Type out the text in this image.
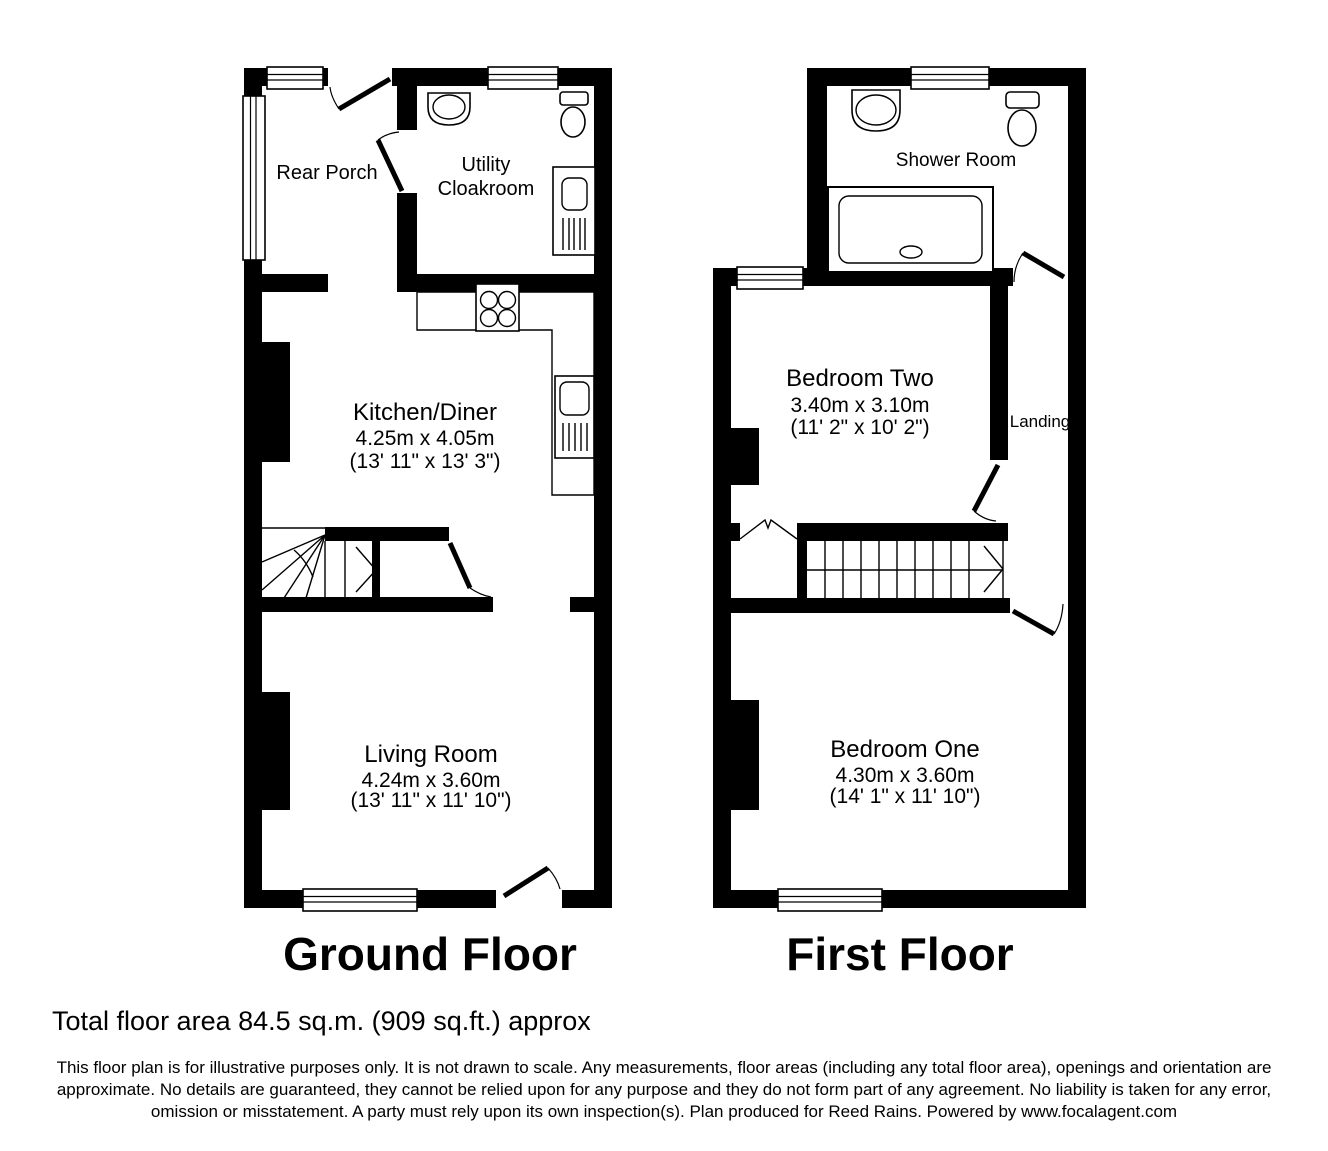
Rear Porch	Utility
Cloakroom
Kitchen/Diner
4.25m x 4.05m
(13' 11" x 13' 3")
Living Room
4.24m x 3.60m
(13' 11" x 11' 10")
Shower Room
Bedroom Two
3.40m x 3.10m
(11' 2" x 10' 2")	Landing
Bedroom One
4.30m x 3.60m
(14' 1" x 11' 10")
Ground Floor	First Floor
Total floor area 84.5 sq.m. (909 sq.ft.) approx
This floor plan is for illustrative purposes only. It is not drawn to scale. Any measurements, floor areas (including any total floor area), openings and orientation are approximate. No details are guaranteed, they cannot be relied upon for any purpose and they do not form part of any agreement. No liability is taken for any error, omission or misstatement. A party must rely upon its own inspection(s). Plan produced for Reed Rains. Powered by www.focalagent.com
